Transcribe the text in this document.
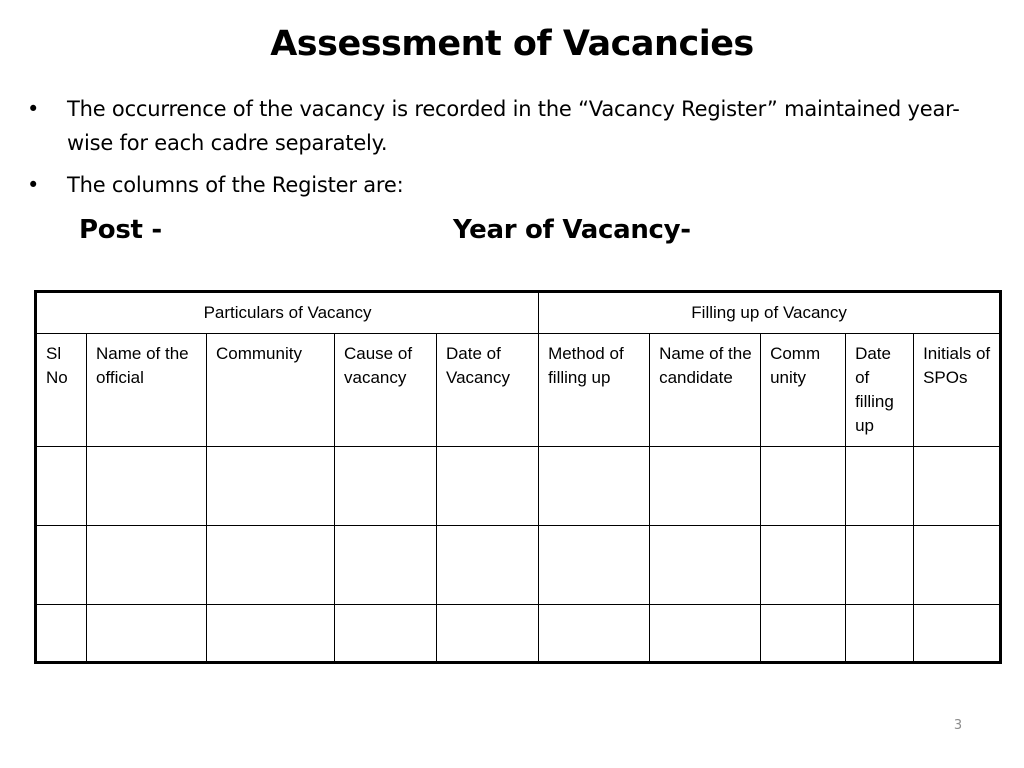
Assessment of Vacancies
• The occurrence of the vacancy is recorded in the “Vacancy Register” maintained year-wise for each cadre separately.
• The columns of the Register are:
Post -	Year of Vacancy-
Particulars of Vacancy					Filling up of Vacancy				
Sl No	Name of the official	Community	Cause of vacancy	Date of Vacancy	Method of filling up	Name of the candidate	Comm unity	Date of filling up	Initials of SPOs

3
